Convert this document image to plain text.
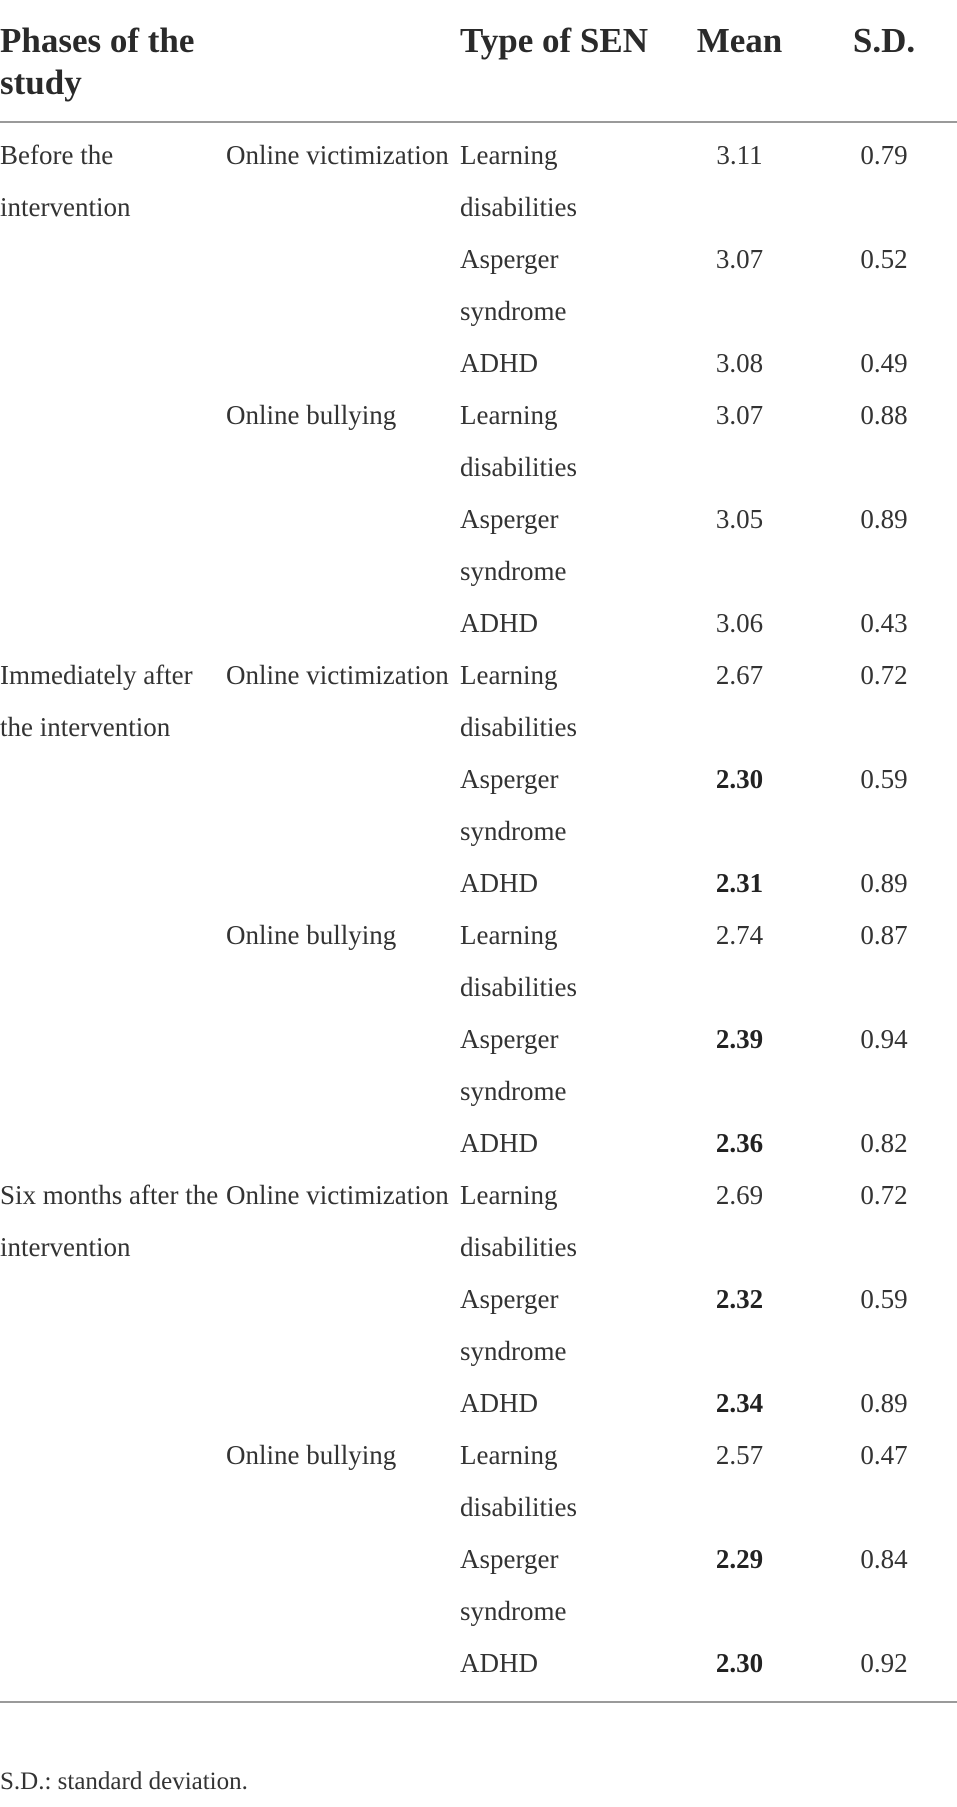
Phases of the study		Type of SEN	Mean	S.D.
Before the intervention	Online victimization	Learning disabilities	3.11	0.79
		Asperger syndrome	3.07	0.52
		ADHD	3.08	0.49
	Online bullying	Learning disabilities	3.07	0.88
		Asperger syndrome	3.05	0.89
		ADHD	3.06	0.43
Immediately after the intervention	Online victimization	Learning disabilities	2.67	0.72
		Asperger syndrome	2.30	0.59
		ADHD	2.31	0.89
	Online bullying	Learning disabilities	2.74	0.87
		Asperger syndrome	2.39	0.94
		ADHD	2.36	0.82
Six months after the intervention	Online victimization	Learning disabilities	2.69	0.72
		Asperger syndrome	2.32	0.59
		ADHD	2.34	0.89
	Online bullying	Learning disabilities	2.57	0.47
		Asperger syndrome	2.29	0.84
		ADHD	2.30	0.92
S.D.: standard deviation.
